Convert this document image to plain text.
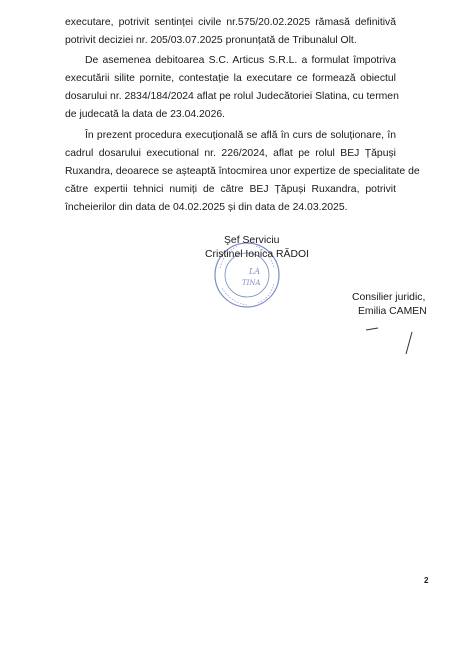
executare, potrivit sentinței civile nr.575/20.02.2025 rămasă definitivă
potrivit deciziei nr. 205/03.07.2025 pronunțată de Tribunalul Olt.
De asemenea debitoarea S.C. Articus S.R.L. a formulat împotriva
executării silite pornite, contestație la executare ce formează obiectul
dosarului nr. 2834/184/2024 aflat pe rolul Judecătoriei Slatina, cu termen
de judecată la data de 23.04.2026.
În prezent procedura execuțională se află în curs de soluționare, în
cadrul dosarului executional nr. 226/2024, aflat pe rolul BEJ Țăpuși
Ruxandra, deoarece se așteaptă întocmirea unor expertize de specialitate de
către expertii tehnici numiți de către BEJ Țăpuși Ruxandra, potrivit
încheierilor din data de 04.02.2025 și din data de 24.03.2025.
LA
TINA
Şef Serviciu
Cristinel Ionica RĂDOI
Consilier juridic,
Emilia CAMEN
2
